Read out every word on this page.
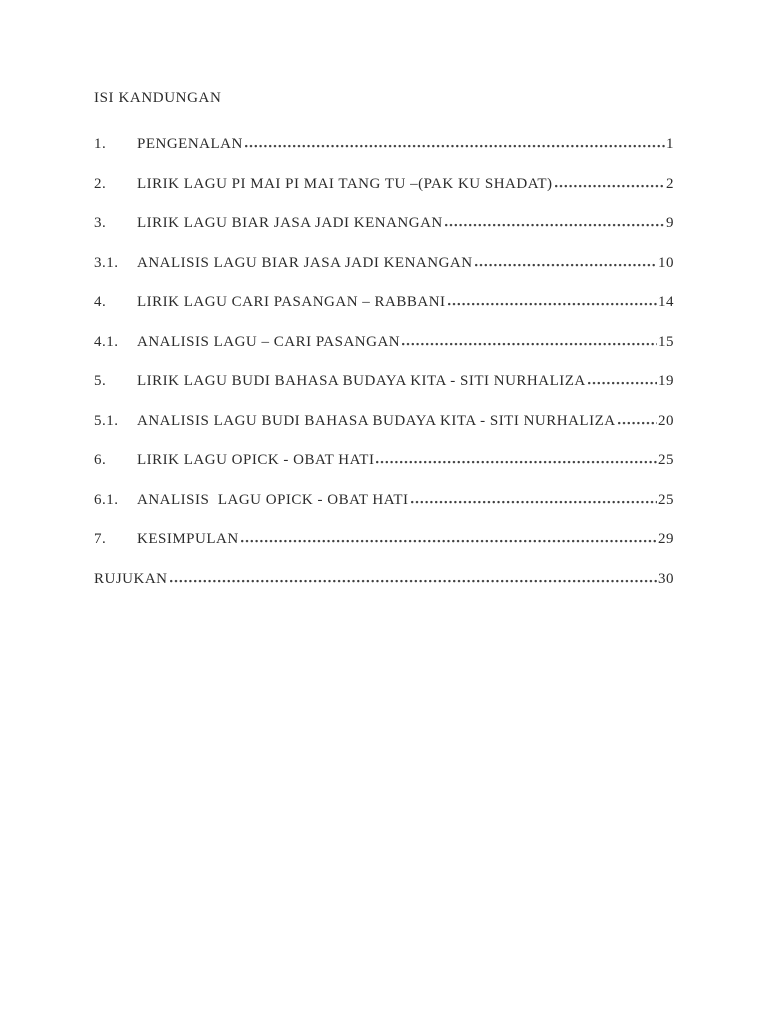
ISI KANDUNGAN
1.	PENGENALAN	1
2.	LIRIK LAGU PI MAI PI MAI TANG TU –(PAK KU SHADAT)	2
3.	LIRIK LAGU BIAR JASA JADI KENANGAN	9
3.1.	ANALISIS LAGU BIAR JASA JADI KENANGAN	10
4.	LIRIK LAGU CARI PASANGAN – RABBANI	14
4.1.	ANALISIS LAGU – CARI PASANGAN	15
5.	LIRIK LAGU BUDI BAHASA BUDAYA KITA - SITI NURHALIZA	19
5.1.	ANALISIS LAGU BUDI BAHASA BUDAYA KITA - SITI NURHALIZA	20
6.	LIRIK LAGU OPICK - OBAT HATI	25
6.1.	ANALISIS  LAGU OPICK - OBAT HATI	25
7.	KESIMPULAN	29
RUJUKAN	30
